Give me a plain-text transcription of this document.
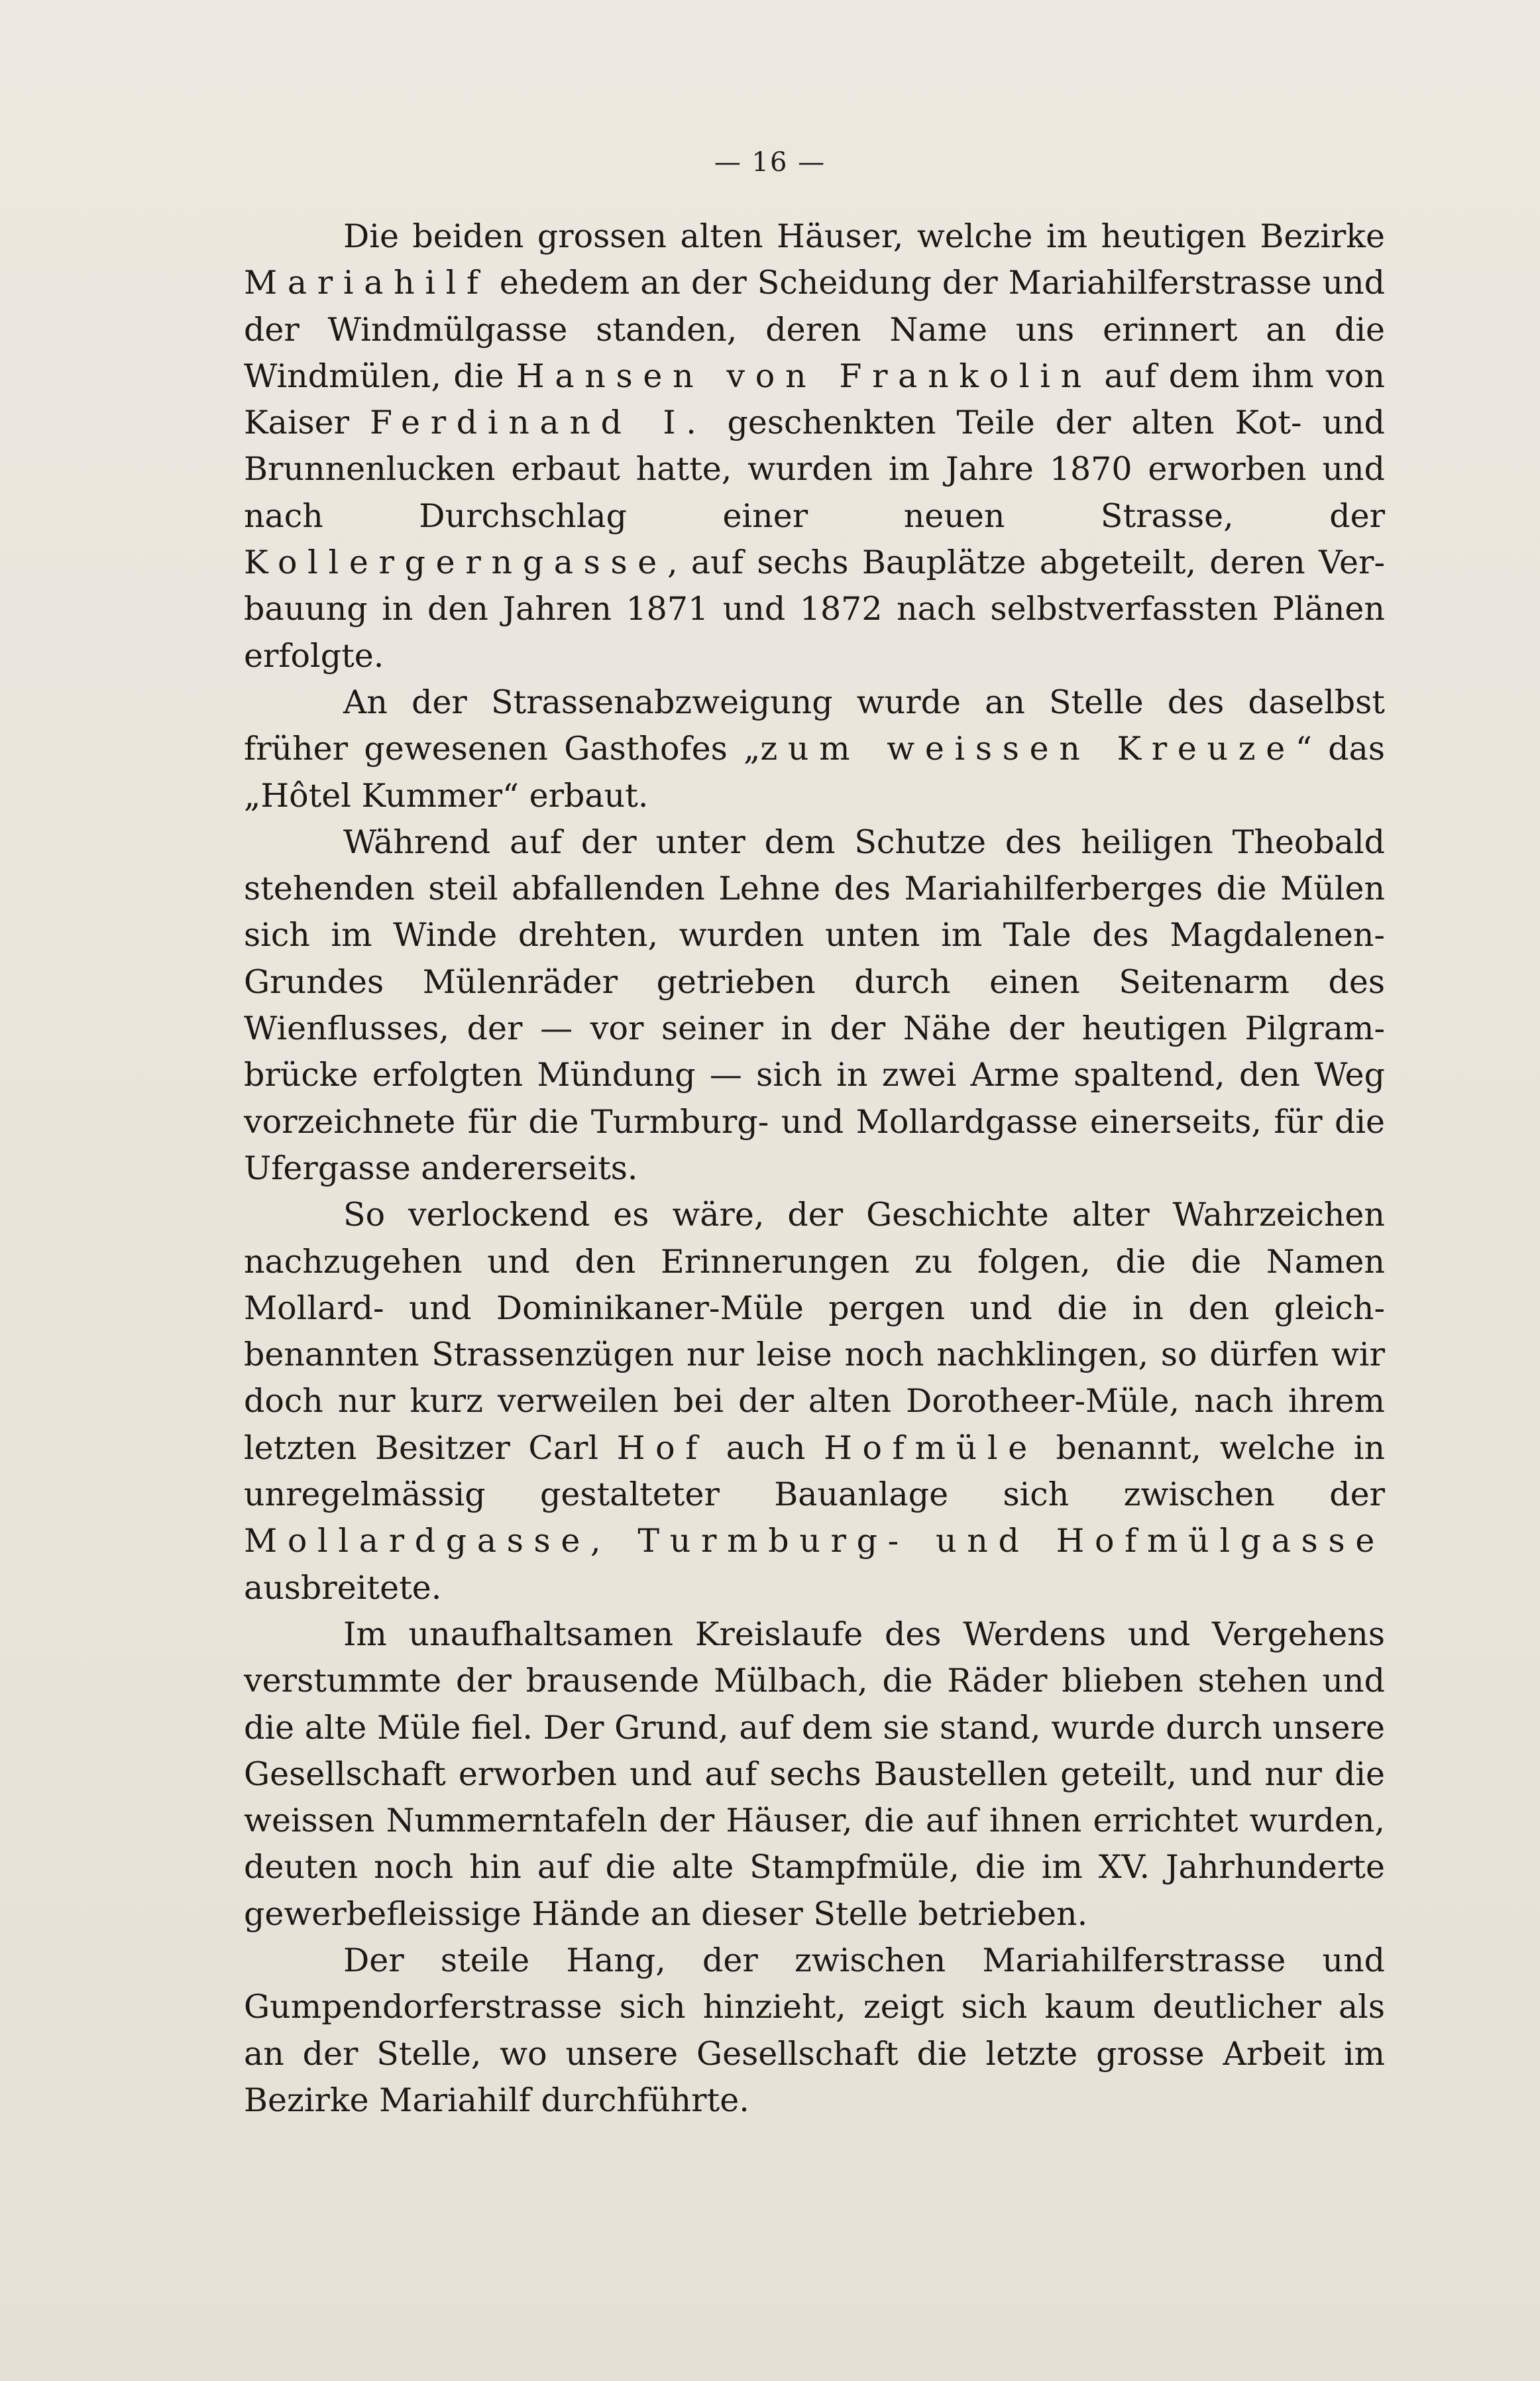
— 16 —

Die beiden grossen alten Häuser, welche im heutigen Bezirke Mariahilf ehedem an der Scheidung der Mariahilferstrasse und der Windmülgasse standen, deren Name uns erinnert an die Windmülen, die Hansen von Frankolin auf dem ihm von Kaiser Ferdinand I. geschenkten Teile der alten Kot- und Brunnenlucken erbaut hatte, wurden im Jahre 1870 erworben und nach Durchschlag einer neuen Strasse, der Kollergerngasse, auf sechs Bauplätze abgeteilt, deren Verbauung in den Jahren 1871 und 1872 nach selbstverfassten Plänen erfolgte.

An der Strassenabzweigung wurde an Stelle des daselbst früher gewesenen Gasthofes „zum weissen Kreuze“ das „Hôtel Kummer“ erbaut.

Während auf der unter dem Schutze des heiligen Theobald stehenden steil abfallenden Lehne des Mariahilferberges die Mülen sich im Winde drehten, wurden unten im Tale des Magdalenen-Grundes Mülenräder getrieben durch einen Seitenarm des Wienflusses, der — vor seiner in der Nähe der heutigen Pilgrambrücke erfolgten Mündung — sich in zwei Arme spaltend, den Weg vorzeichnete für die Turmburg- und Mollardgasse einerseits, für die Ufergasse andererseits.

So verlockend es wäre, der Geschichte alter Wahrzeichen nachzugehen und den Erinnerungen zu folgen, die die Namen Mollard- und Dominikaner-Müle pergen und die in den gleichbenannten Strassenzügen nur leise noch nachklingen, so dürfen wir doch nur kurz verweilen bei der alten Dorotheer-Müle, nach ihrem letzten Besitzer Carl Hof auch Hofmüle benannt, welche in unregelmässig gestalteter Bauanlage sich zwischen der Mollardgasse, Turmburg- und Hofmülgasse ausbreitete.

Im unaufhaltsamen Kreislaufe des Werdens und Vergehens verstummte der brausende Mülbach, die Räder blieben stehen und die alte Müle fiel. Der Grund, auf dem sie stand, wurde durch unsere Gesellschaft erworben und auf sechs Baustellen geteilt, und nur die weissen Nummerntafeln der Häuser, die auf ihnen errichtet wurden, deuten noch hin auf die alte Stampfmüle, die im XV. Jahrhunderte gewerbefleissige Hände an dieser Stelle betrieben.

Der steile Hang, der zwischen Mariahilferstrasse und Gumpendorferstrasse sich hinzieht, zeigt sich kaum deutlicher als an der Stelle, wo unsere Gesellschaft die letzte grosse Arbeit im Bezirke Mariahilf durchführte.
